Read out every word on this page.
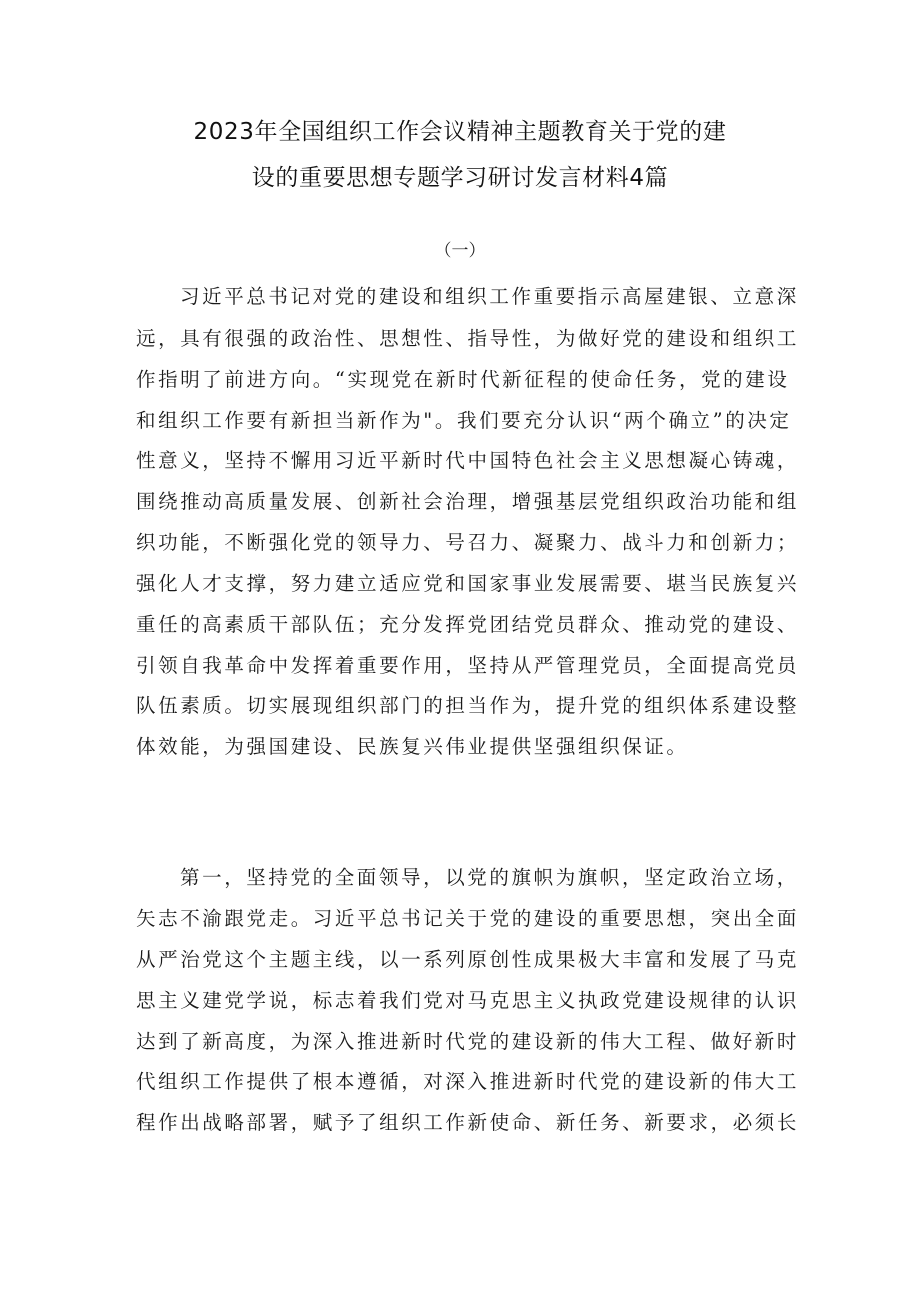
2023年全国组织工作会议精神主题教育关于党的建
设的重要思想专题学习研讨发言材料4篇
（一）
习近平总书记对党的建设和组织工作重要指示高屋建银、立意深
远，具有很强的政治性、思想性、指导性，为做好党的建设和组织工
作指明了前进方向。“实现党在新时代新征程的使命任务，党的建设
和组织工作要有新担当新作为"。我们要充分认识“两个确立”的决定
性意义，坚持不懈用习近平新时代中国特色社会主义思想凝心铸魂，
围绕推动高质量发展、创新社会治理，增强基层党组织政治功能和组
织功能，不断强化党的领导力、号召力、凝聚力、战斗力和创新力；
强化人才支撑，努力建立适应党和国家事业发展需要、堪当民族复兴
重任的高素质干部队伍；充分发挥党团结党员群众、推动党的建设、
引领自我革命中发挥着重要作用，坚持从严管理党员，全面提高党员
队伍素质。切实展现组织部门的担当作为，提升党的组织体系建设整
体效能，为强国建设、民族复兴伟业提供坚强组织保证。
第一，坚持党的全面领导，以党的旗帜为旗帜，坚定政治立场，
矢志不渝跟党走。习近平总书记关于党的建设的重要思想，突出全面
从严治党这个主题主线，以一系列原创性成果极大丰富和发展了马克
思主义建党学说，标志着我们党对马克思主义执政党建设规律的认识
达到了新高度，为深入推进新时代党的建设新的伟大工程、做好新时
代组织工作提供了根本遵循，对深入推进新时代党的建设新的伟大工
程作出战略部署，赋予了组织工作新使命、新任务、新要求，必须长
